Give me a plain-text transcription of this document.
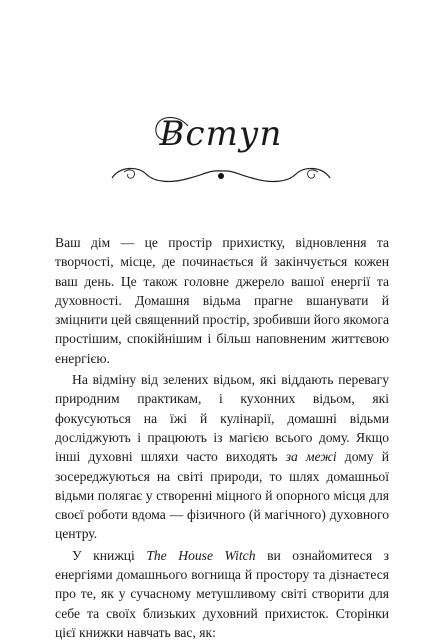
Вступ

Ваш дім — це простір прихистку, відновлення та творчості, місце, де починається й закінчується кожен ваш день. Це також головне джерело вашої енергії та духовності. Домашня відьма прагне вшанувати й зміцнити цей священний простір, зробивши його якомога простішим, спокійнішим і більш наповненим життєвою енергією.

На відміну від зелених відьом, які віддають перевагу природним практикам, і кухонних відьом, які фокусуються на їжі й кулінарії, домашні відьми досліджують і працюють із магією всього дому. Якщо інші духовні шляхи часто виходять за межі дому й зосереджуються на світі природи, то шлях домашньої відьми полягає у створенні міцного й опорного місця для своєї роботи вдома — фізичного (й магічного) духовного центру.

У книжці The House Witch ви ознайомитеся з енергіями домашнього вогнища й простору та дізнаєтеся про те, як у сучасному метушливому світі створити для себе та своїх близьких духовний прихисток. Сторінки цієї книжки навчать вас, як:
